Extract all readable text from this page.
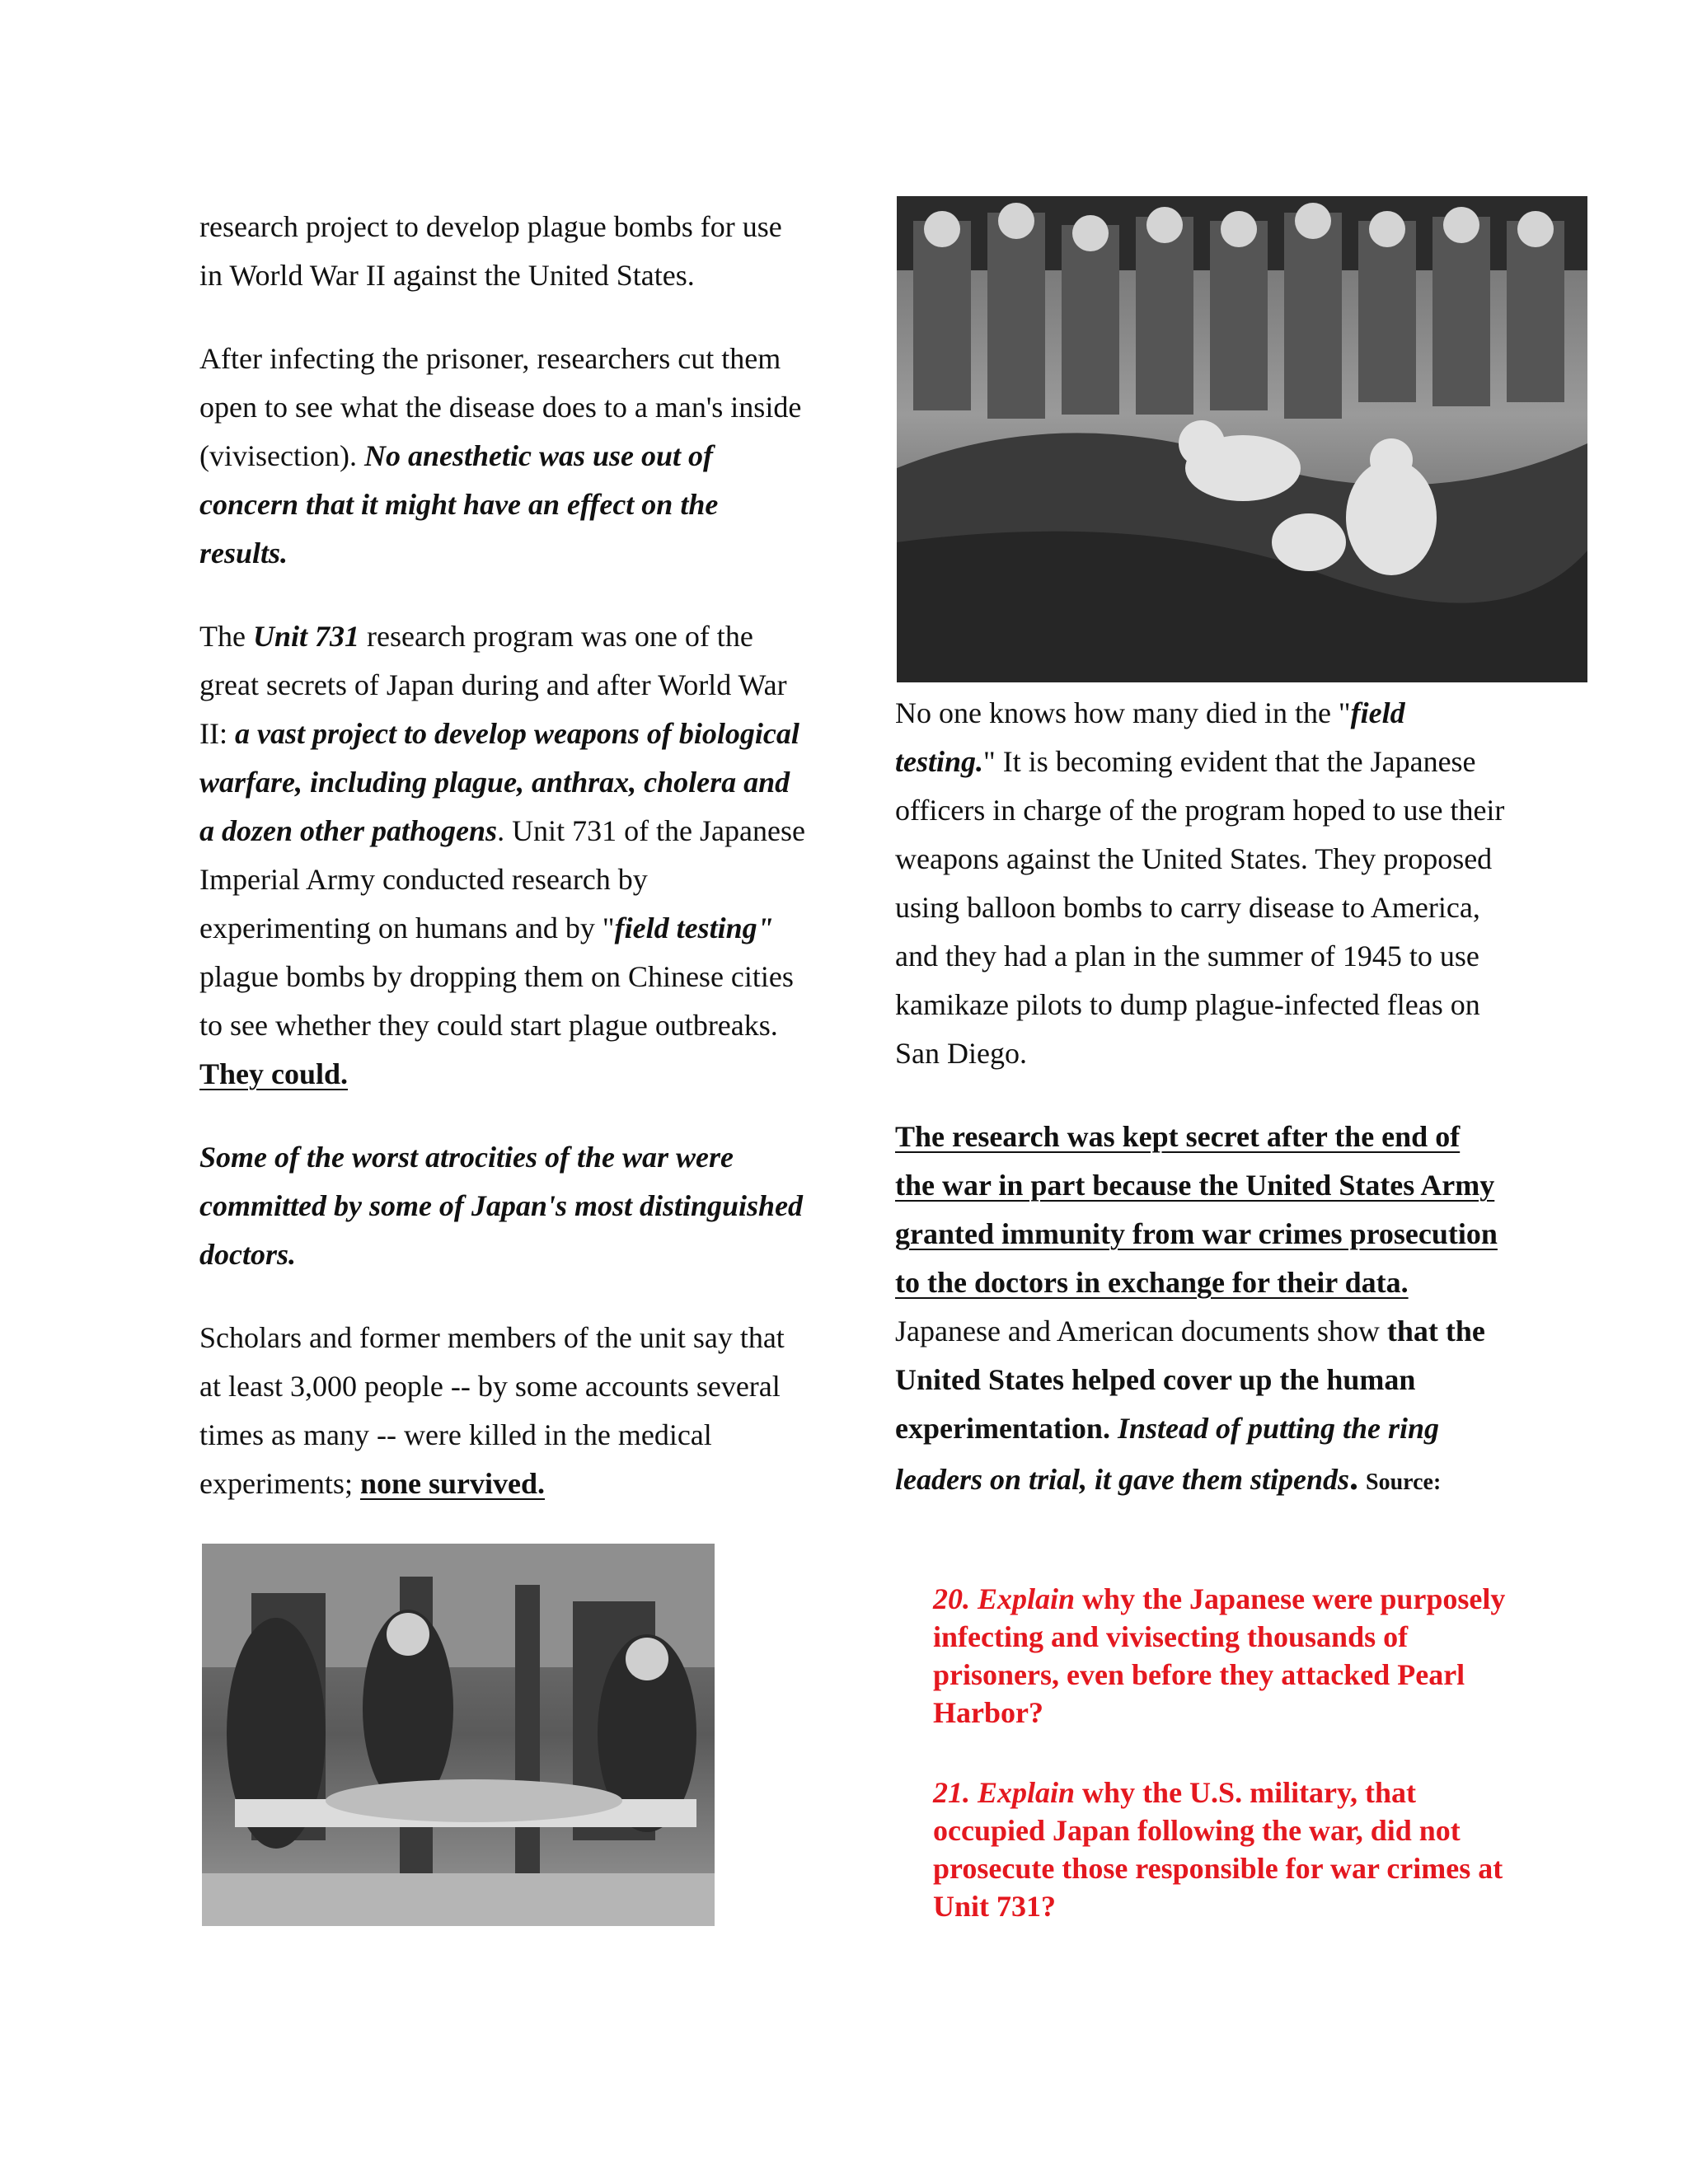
research project to develop plague bombs for use in World War II against the United States.

After infecting the prisoner, researchers cut them open to see what the disease does to a man's inside (vivisection). No anesthetic was use out of concern that it might have an effect on the results.

The Unit 731 research program was one of the great secrets of Japan during and after World War II: a vast project to develop weapons of biological warfare, including plague, anthrax, cholera and a dozen other pathogens. Unit 731 of the Japanese Imperial Army conducted research by experimenting on humans and by "field testing" plague bombs by dropping them on Chinese cities to see whether they could start plague outbreaks.
They could.

Some of the worst atrocities of the war were committed by some of Japan's most distinguished doctors.

Scholars and former members of the unit say that at least 3,000 people -- by some accounts several times as many -- were killed in the medical experiments; none survived.

No one knows how many died in the "field testing." It is becoming evident that the Japanese officers in charge of the program hoped to use their weapons against the United States. They proposed using balloon bombs to carry disease to America, and they had a plan in the summer of 1945 to use kamikaze pilots to dump plague-infected fleas on San Diego.

The research was kept secret after the end of the war in part because the United States Army granted immunity from war crimes prosecution to the doctors in exchange for their data. Japanese and American documents show that the United States helped cover up the human experimentation. Instead of putting the ring leaders on trial, it gave them stipends. Source:

20. Explain why the Japanese were purposely infecting and vivisecting thousands of prisoners, even before they attacked Pearl Harbor?
21. Explain why the U.S. military, that occupied Japan following the war, did not prosecute those responsible for war crimes at Unit 731?
